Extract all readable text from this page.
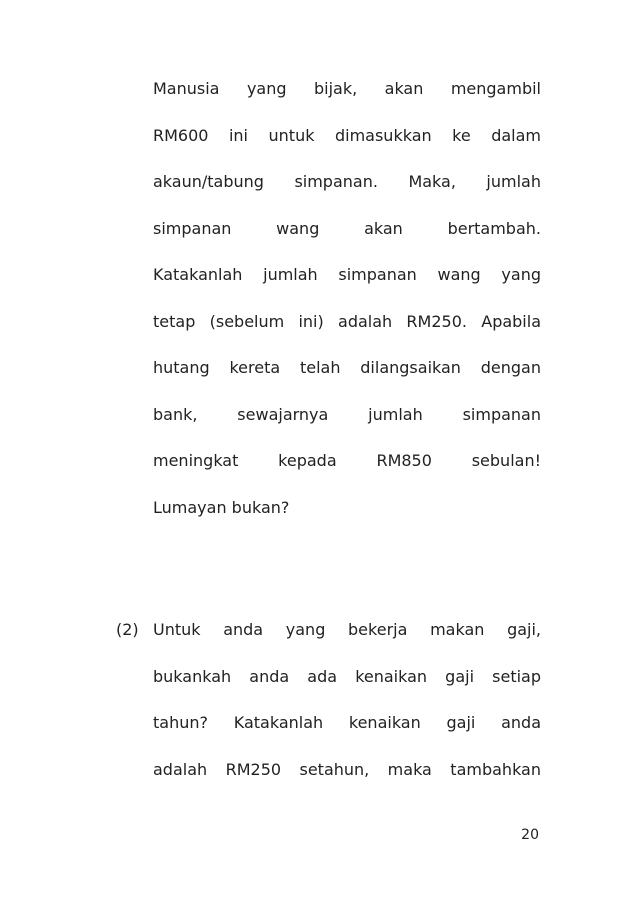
Manusia yang bijak, akan mengambil
RM600 ini untuk dimasukkan ke dalam
akaun/tabung simpanan. Maka, jumlah
simpanan wang akan bertambah.
Katakanlah jumlah simpanan wang yang
tetap (sebelum ini) adalah RM250. Apabila
hutang kereta telah dilangsaikan dengan
bank, sewajarnya jumlah simpanan
meningkat kepada RM850 sebulan!
Lumayan bukan?
(2) Untuk anda yang bekerja makan gaji,
bukankah anda ada kenaikan gaji setiap
tahun? Katakanlah kenaikan gaji anda
adalah RM250 setahun, maka tambahkan
20
